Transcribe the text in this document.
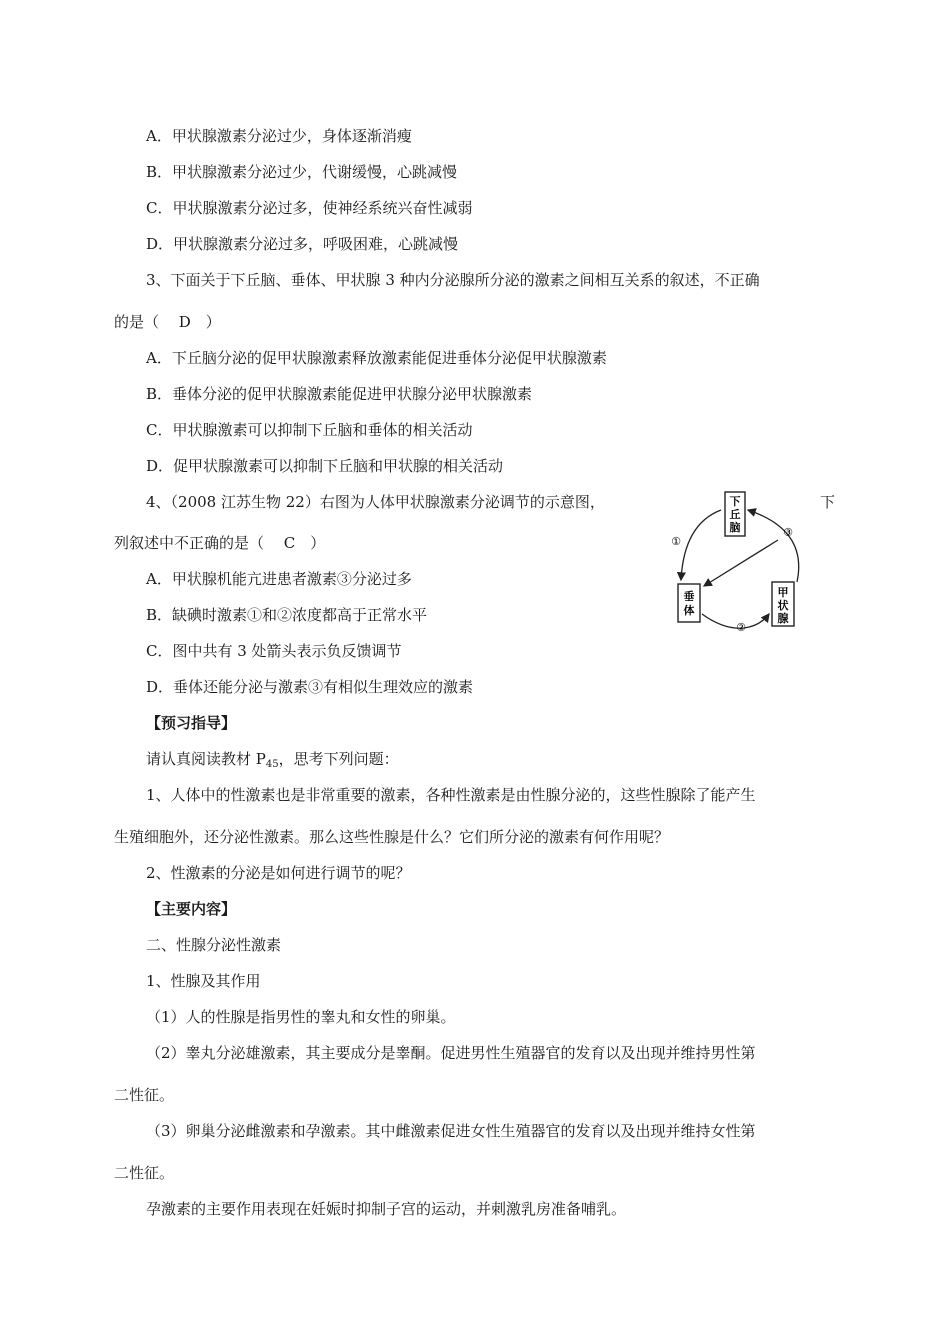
A．甲状腺激素分泌过少，身体逐渐消瘦
B．甲状腺激素分泌过少，代谢缓慢，心跳减慢
C．甲状腺激素分泌过多，使神经系统兴奋性减弱
D．甲状腺激素分泌过多，呼吸困难，心跳减慢
3、下面关于下丘脑、垂体、甲状腺 3 种内分泌腺所分泌的激素之间相互关系的叙述，不正确
的是（　 D　）
A．下丘脑分泌的促甲状腺激素释放激素能促进垂体分泌促甲状腺激素
B．垂体分泌的促甲状腺激素能促进甲状腺分泌甲状腺激素
C．甲状腺激素可以抑制下丘脑和垂体的相关活动
D．促甲状腺激素可以抑制下丘脑和甲状腺的相关活动
4、（2008 江苏生物 22）右图为人体甲状腺激素分泌调节的示意图，	下
列叙述中不正确的是（　 C　）
A．甲状腺机能亢进患者激素③分泌过多
B．缺碘时激素①和②浓度都高于正常水平
C．图中共有 3 处箭头表示负反馈调节
D．垂体还能分泌与激素③有相似生理效应的激素
下
丘
脑
垂
体
甲
状
腺
①
②
③
【预习指导】
请认真阅读教材 $P_{45}$，思考下列问题：
1、人体中的性激素也是非常重要的激素，各种性激素是由性腺分泌的，这些性腺除了能产生
生殖细胞外，还分泌性激素。那么这些性腺是什么？它们所分泌的激素有何作用呢？
2、性激素的分泌是如何进行调节的呢？
【主要内容】
二、性腺分泌性激素
1、性腺及其作用
（1）人的性腺是指男性的睾丸和女性的卵巢。
（2）睾丸分泌雄激素，其主要成分是睾酮。促进男性生殖器官的发育以及出现并维持男性第
二性征。
（3）卵巢分泌雌激素和孕激素。其中雌激素促进女性生殖器官的发育以及出现并维持女性第
二性征。
孕激素的主要作用表现在妊娠时抑制子宫的运动，并刺激乳房准备哺乳。
